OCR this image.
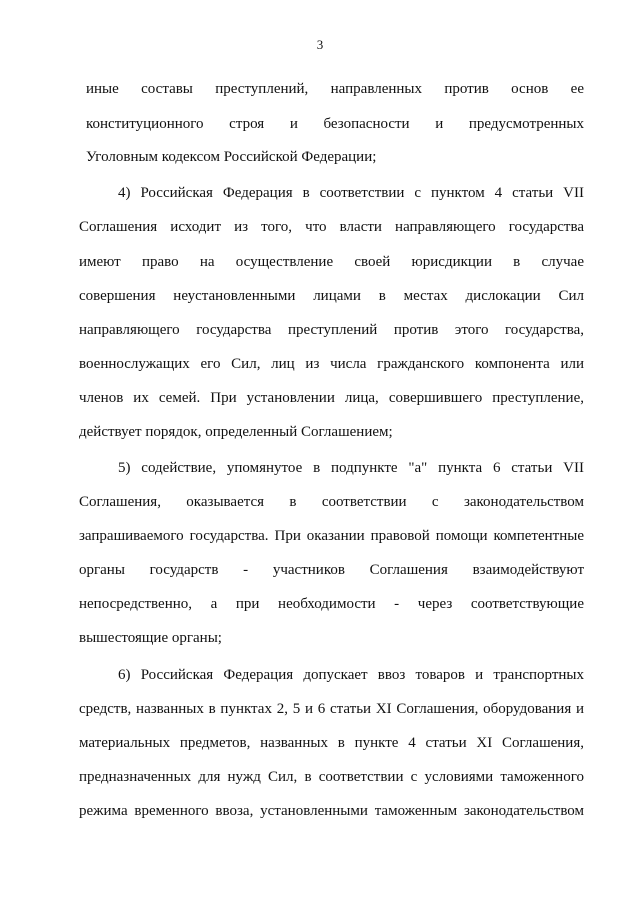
3
иные составы преступлений, направленных против основ ее
конституционного строя и безопасности и предусмотренных
Уголовным кодексом Российской Федерации;
4) Российская Федерация в соответствии с пунктом 4 статьи VII
Соглашения исходит из того, что власти направляющего государства
имеют право на осуществление своей юрисдикции в случае
совершения неустановленными лицами в местах дислокации Сил
направляющего государства преступлений против этого государства,
военнослужащих его Сил, лиц из числа гражданского компонента или
членов их семей. При установлении лица, совершившего преступление,
действует порядок, определенный Соглашением;
5) содействие, упомянутое в подпункте "а" пункта 6 статьи VII
Соглашения, оказывается в соответствии с законодательством
запрашиваемого государства. При оказании правовой помощи компетентные
органы государств - участников Соглашения взаимодействуют
непосредственно, а при необходимости - через соответствующие
вышестоящие органы;
6) Российская Федерация допускает ввоз товаров и транспортных
средств, названных в пунктах 2, 5 и 6 статьи XI Соглашения, оборудования и
материальных предметов, названных в пункте 4 статьи XI Соглашения,
предназначенных для нужд Сил, в соответствии с условиями таможенного
режима временного ввоза, установленными таможенным законодательством
